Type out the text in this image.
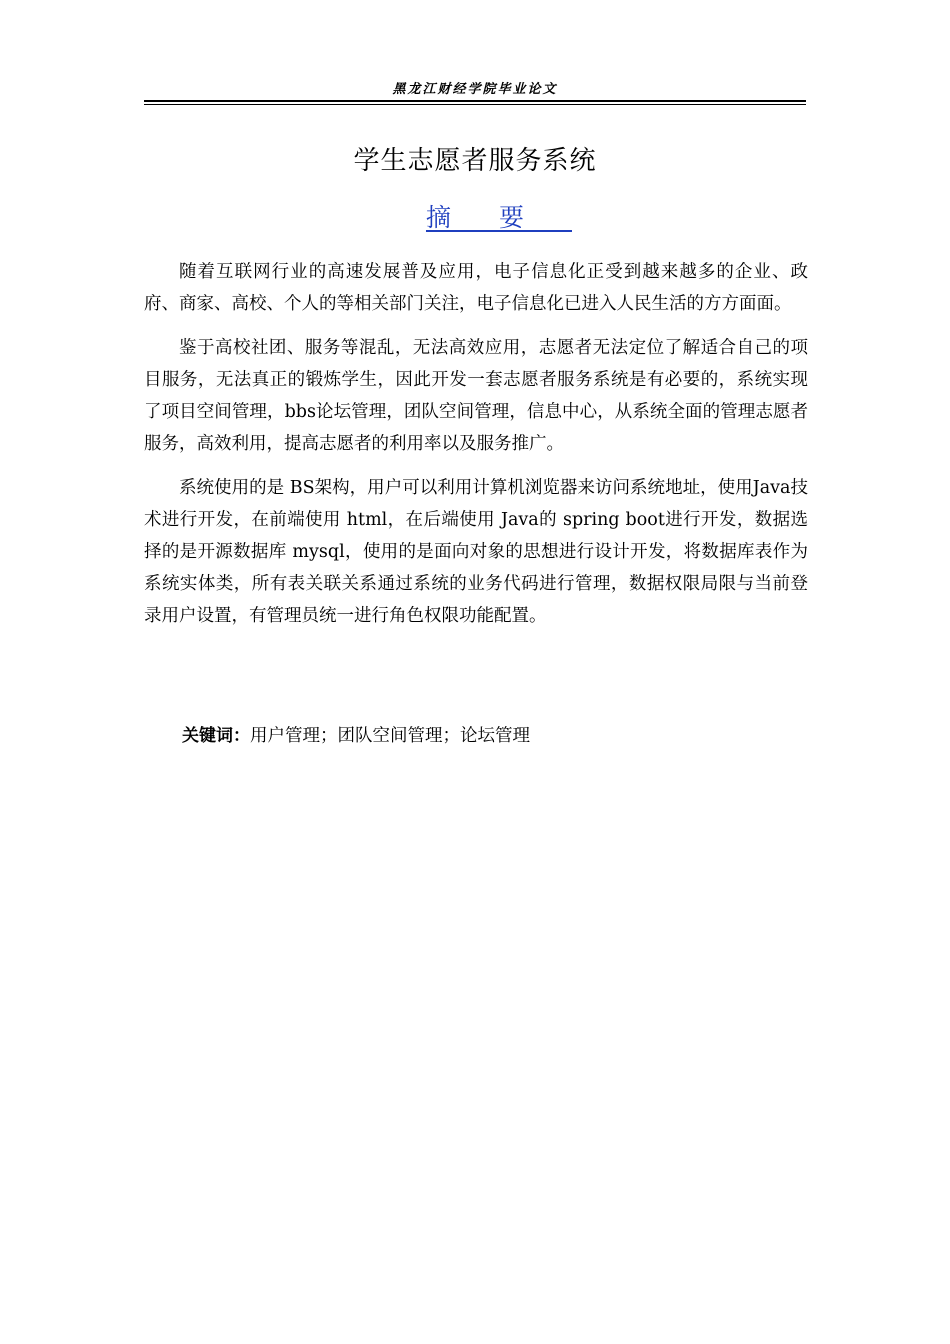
黑龙江财经学院毕业论文
学生志愿者服务系统
摘要

随着互联网行业的高速发展普及应用，电子信息化正受到越来越多的企业、政府、商家、高校、个人的等相关部门关注，电子信息化已进入人民生活的方方面面。

鉴于高校社团、服务等混乱，无法高效应用，志愿者无法定位了解适合自己的项目服务，无法真正的锻炼学生，因此开发一套志愿者服务系统是有必要的，系统实现了项目空间管理，bbs论坛管理，团队空间管理，信息中心，从系统全面的管理志愿者服务，高效利用，提高志愿者的利用率以及服务推广。

系统使用的是 BS架构，用户可以利用计算机浏览器来访问系统地址，使用Java技术进行开发，在前端使用 html，在后端使用 Java的 spring boot进行开发，数据选择的是开源数据库 mysql，使用的是面向对象的思想进行设计开发，将数据库表作为系统实体类，所有表关联关系通过系统的业务代码进行管理，数据权限局限与当前登录用户设置，有管理员统一进行角色权限功能配置。

关键词：用户管理；团队空间管理；论坛管理
